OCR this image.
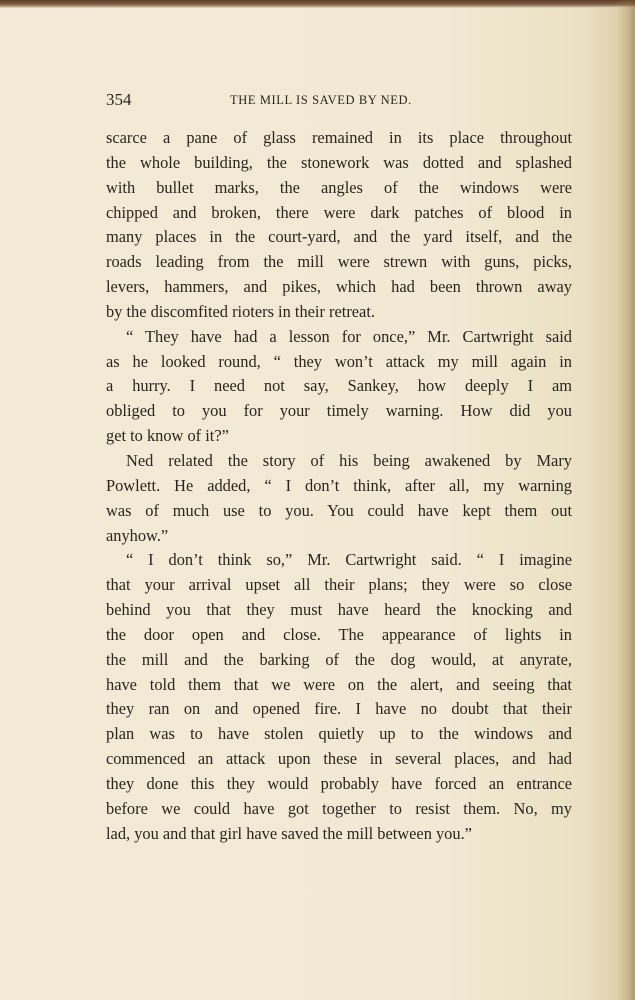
354	THE MILL IS SAVED BY NED.
scarce a pane of glass remained in its place throughout
the whole building, the stonework was dotted and splashed
with bullet marks, the angles of the windows were
chipped and broken, there were dark patches of blood in
many places in the court-yard, and the yard itself, and the
roads leading from the mill were strewn with guns, picks,
levers, hammers, and pikes, which had been thrown away
by the discomfited rioters in their retreat.
“ They have had a lesson for once,” Mr. Cartwright said
as he looked round, “ they won’t attack my mill again in
a hurry. I need not say, Sankey, how deeply I am
obliged to you for your timely warning. How did you
get to know of it?”
Ned related the story of his being awakened by Mary
Powlett. He added, “ I don’t think, after all, my warning
was of much use to you. You could have kept them out
anyhow.”
“ I don’t think so,” Mr. Cartwright said. “ I imagine
that your arrival upset all their plans; they were so close
behind you that they must have heard the knocking and
the door open and close. The appearance of lights in
the mill and the barking of the dog would, at anyrate,
have told them that we were on the alert, and seeing that
they ran on and opened fire. I have no doubt that their
plan was to have stolen quietly up to the windows and
commenced an attack upon these in several places, and had
they done this they would probably have forced an entrance
before we could have got together to resist them. No, my
lad, you and that girl have saved the mill between you.”
